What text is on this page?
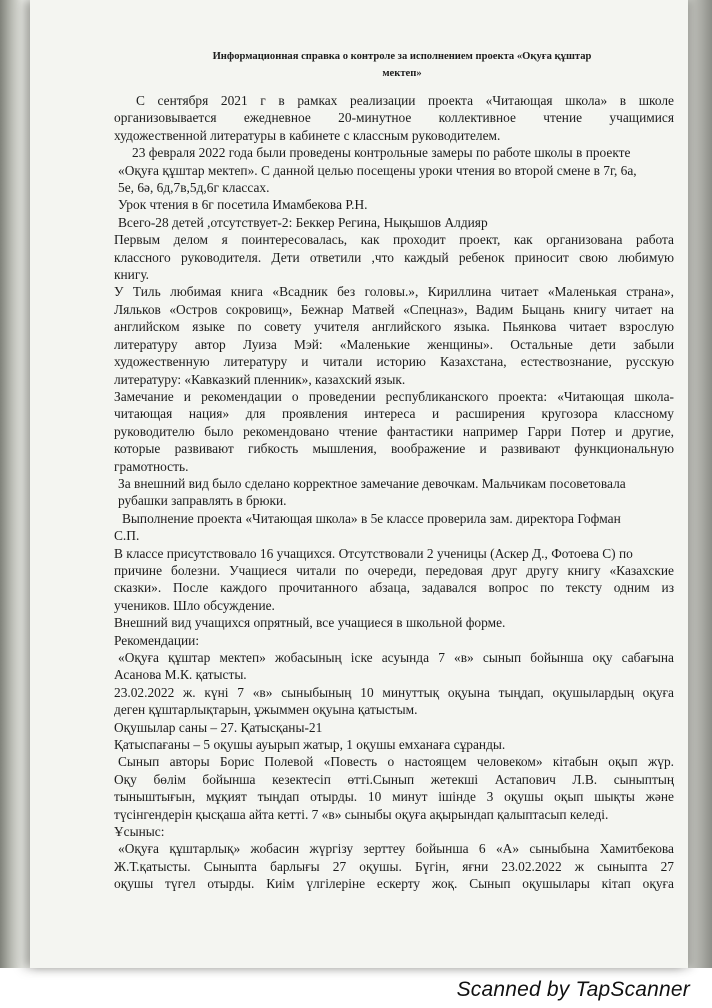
Информационная справка о контроле за исполнением проекта «Оқуға құштар
мектеп»
С сентября 2021 г в рамках реализации проекта «Читающая школа» в школе
организовывается ежедневное 20-минутное коллективное чтение учащимися
художественной литературы в кабинете с классным руководителем.
23 февраля 2022 года были проведены контрольные замеры по работе школы в проекте
«Оқуға құштар мектеп». С данной целью посещены уроки чтения во второй смене в 7г, 6а,
5е, 6ә, 6д,7в,5д,6г классах.
Урок чтения в 6г посетила Имамбекова Р.Н.
Всего-28 детей ,отсутствует-2: Беккер Регина, Нықышов Алдияр
Первым делом я поинтересовалась, как проходит проект, как организована работа
классного руководителя. Дети ответили ,что каждый ребенок приносит свою любимую
книгу.
У Тиль любимая книга «Всадник без головы.», Кириллина читает «Маленькая страна»,
Ляльков «Остров сокровищ», Бежнар Матвей «Спецназ», Вадим Быцань книгу читает на
английском языке по совету учителя английского языка. Пьянкова читает взрослую
литературу автор Луиза Мэй: «Маленькие женщины». Остальные дети забыли
художественную литературу и читали историю Казахстана, естествознание, русскую
литературу: «Кавказкий пленник», казахский язык.
Замечание и рекомендации о проведении республиканского проекта: «Читающая школа-
читающая нация» для проявления интереса и расширения кругозора классному
руководителю было рекомендовано чтение фантастики например Гарри Потер и другие,
которые развивают гибкость мышления, воображение и развивают функциональную
грамотность.
За внешний вид было сделано корректное замечание девочкам. Мальчикам посоветовала
рубашки заправлять в брюки.
Выполнение проекта «Читающая школа» в 5е классе проверила зам. директора Гофман
С.П.
В классе присутствовало 16 учащихся. Отсутствовали 2 ученицы (Аскер Д., Фотоева С) по
причине болезни. Учащиеся читали по очереди, передовая друг другу книгу «Казахские
сказки». После каждого прочитанного абзаца, задавался вопрос по тексту одним из
учеников. Шло обсуждение.
Внешний вид учащихся опрятный, все учащиеся в школьной форме.
Рекомендации:
«Оқуға құштар мектеп» жобасының іске асуында 7 «в» сынып бойынша оқу сабағына
Асанова М.К. қатысты.
23.02.2022 ж. күні 7 «в» сыныбының 10 минуттық оқуына тыңдап, оқушылардың оқуға
деген құштарлықтарын, ұжыммен оқуына қатыстым.
Оқушылар саны – 27. Қатысқаны-21
Қатыспағаны – 5 оқушы ауырып жатыр, 1 оқушы емханаға сұранды.
Сынып авторы Борис Полевой «Повесть о настоящем человеком» кітабын оқып жүр.
Оқу бөлім бойынша кезектесіп өтті.Сынып жетекші Астапович Л.В. сыныптың
тыныштығын, мұқият тыңдап отырды. 10 минут ішінде 3 оқушы оқып шықты және
түсінгендерін қысқаша айта кетті. 7 «в» сыныбы оқуға ақырындап қалыптасып келеді.
Ұсыныс:
«Оқуға құштарлық» жобасин жүргізу зерттеу бойынша 6 «А» сыныбына Хамитбекова
Ж.Т.қатысты. Сыныпта барлығы 27 оқушы. Бүгін, яғни 23.02.2022 ж сыныпта 27
оқушы түгел отырды. Киім үлгілеріне ескерту жоқ. Сынып оқушылары кітап оқуға
Scanned by TapScanner
